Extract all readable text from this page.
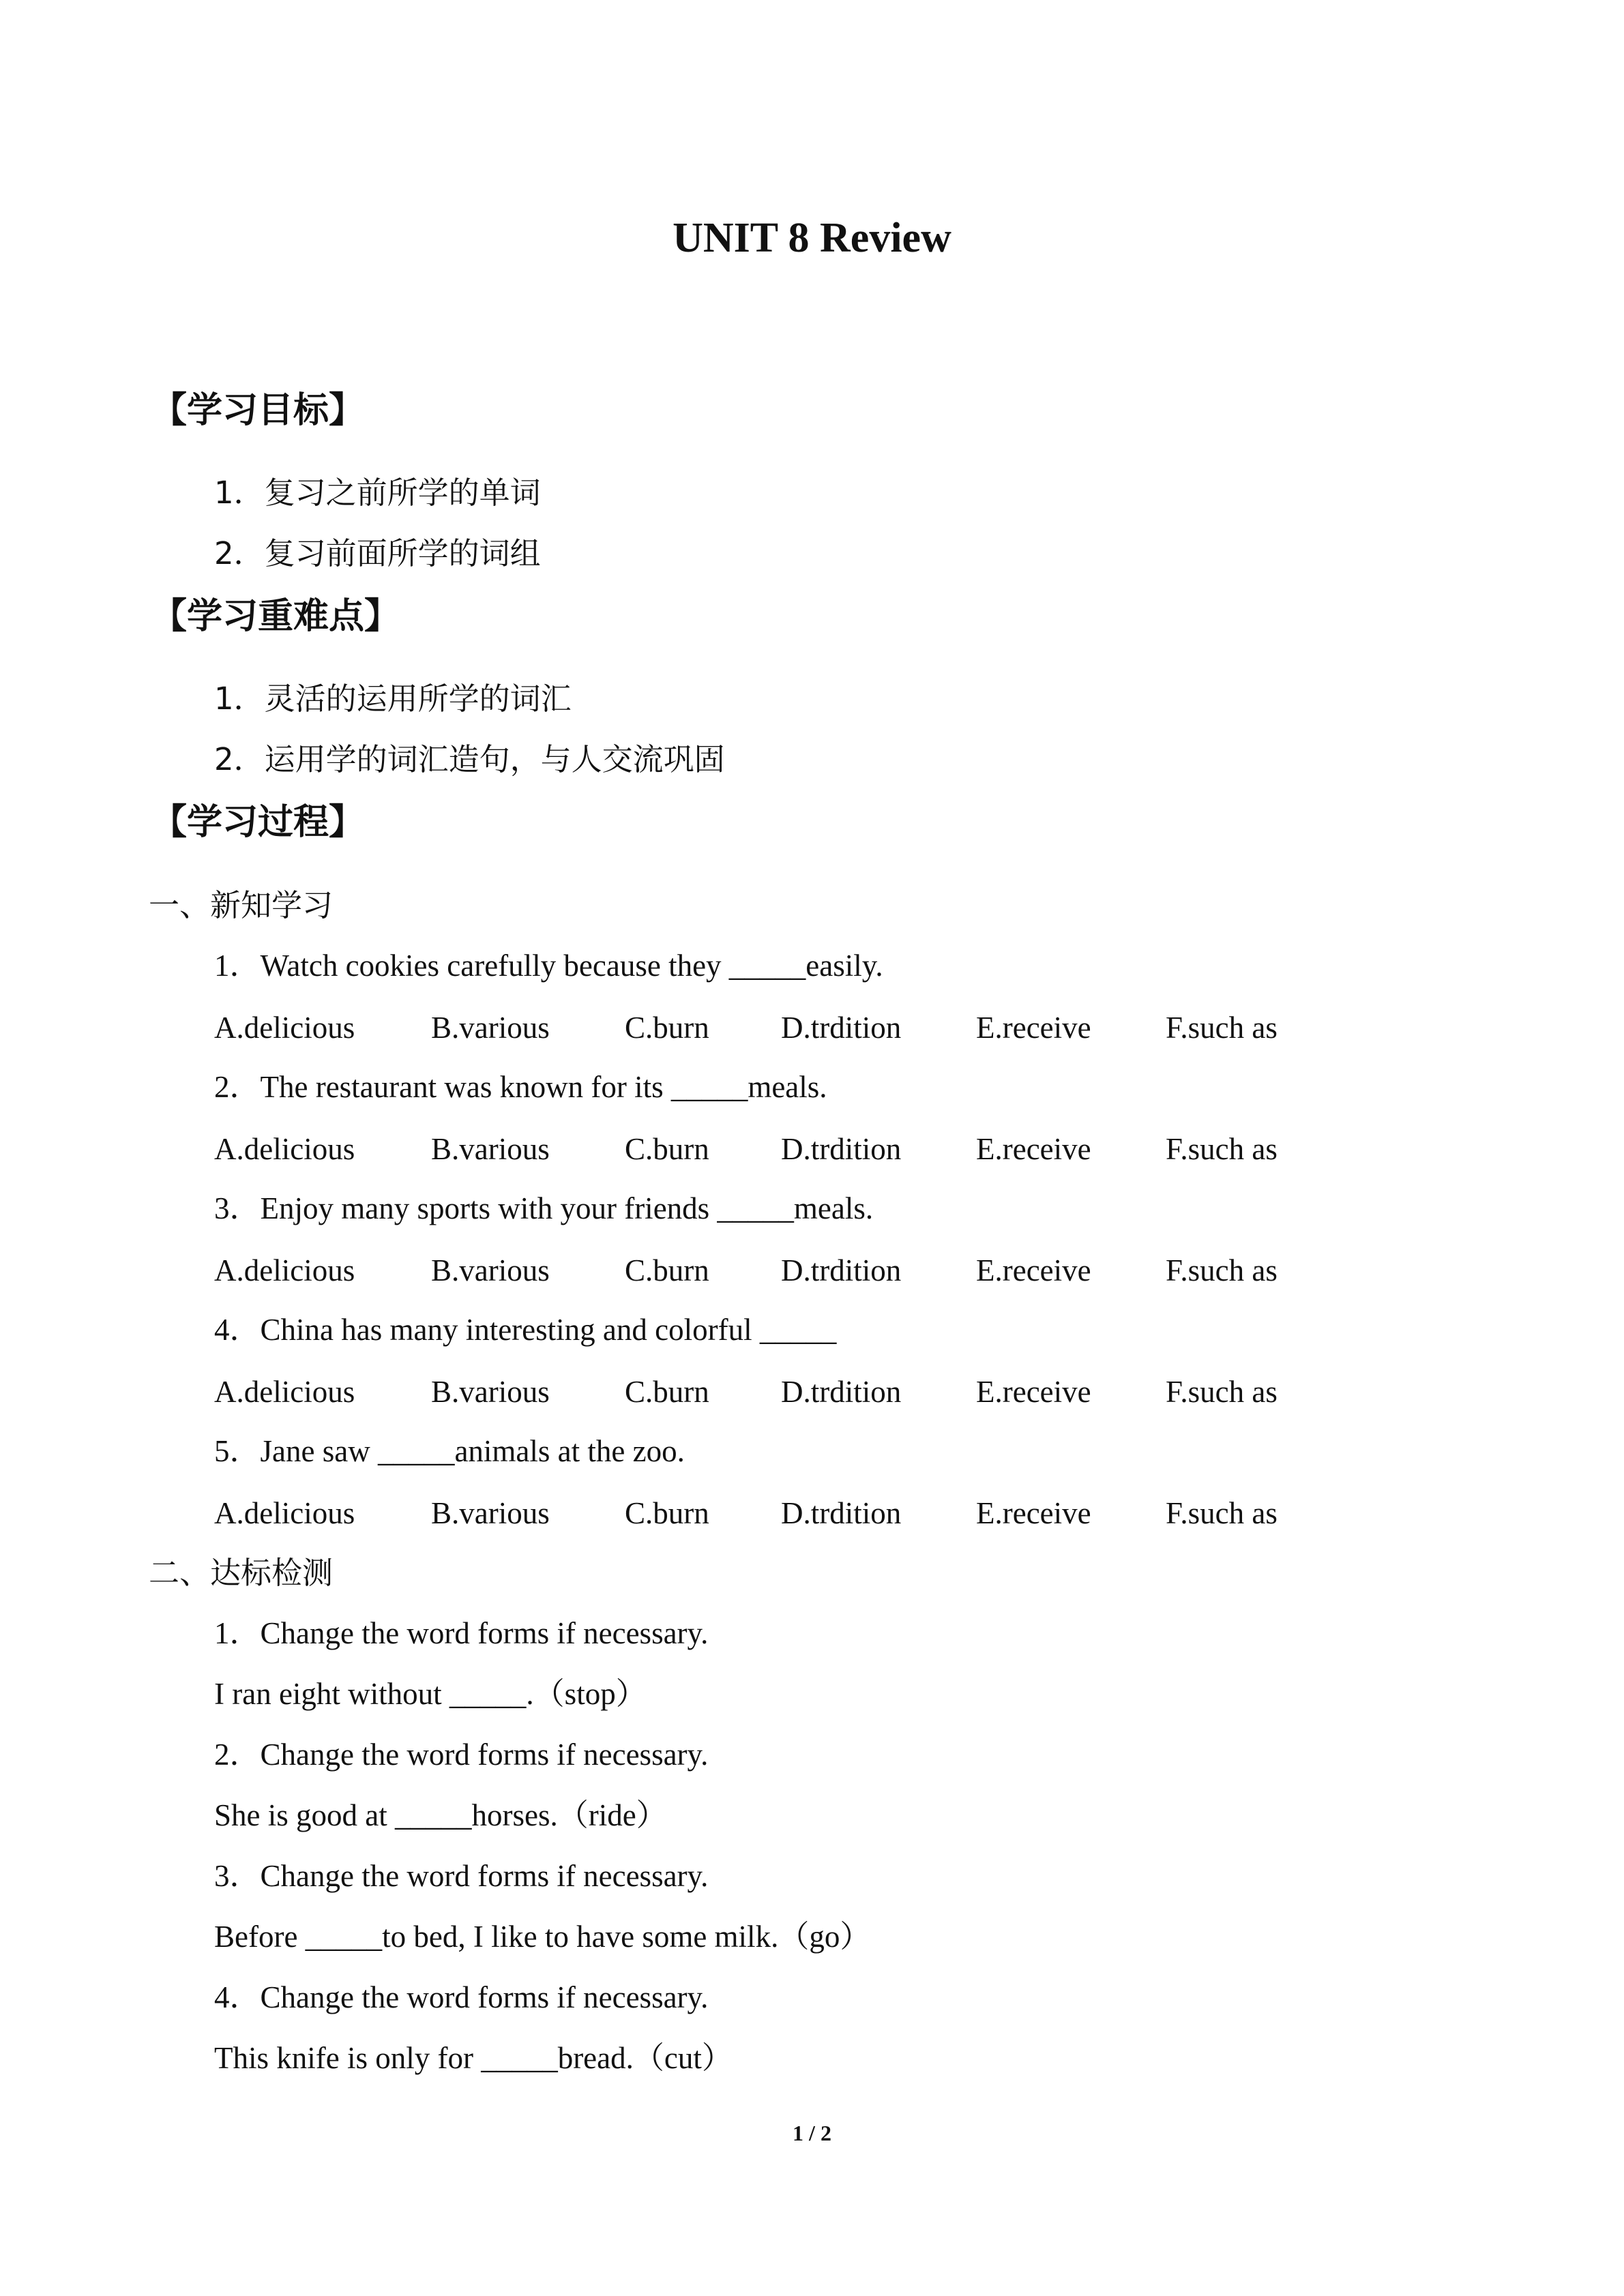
UNIT 8 Review
【学习目标】
1．复习之前所学的单词
2．复习前面所学的词组
【学习重难点】
1．灵活的运用所学的词汇
2．运用学的词汇造句，与人交流巩固
【学习过程】
一、新知学习
1．Watch cookies carefully because they _____easily.
2．The restaurant was known for its _____meals.
3．Enjoy many sports with your friends _____meals.
4．China has many interesting and colorful _____
5．Jane saw _____animals at the zoo.
二、达标检测
1．Change the word forms if necessary.
I ran eight without _____.（stop）
2．Change the word forms if necessary.
She is good at _____horses.（ride）
3．Change the word forms if necessary.
Before _____to bed, I like to have some milk.（go）
4．Change the word forms if necessary.
This knife is only for _____bread.（cut）
1 / 2
A.delicious B.various C.burn D.trdition E.receive F.such as
A.delicious B.various C.burn D.trdition E.receive F.such as
A.delicious B.various C.burn D.trdition E.receive F.such as
A.delicious B.various C.burn D.trdition E.receive F.such as
A.delicious B.various C.burn D.trdition E.receive F.such as
